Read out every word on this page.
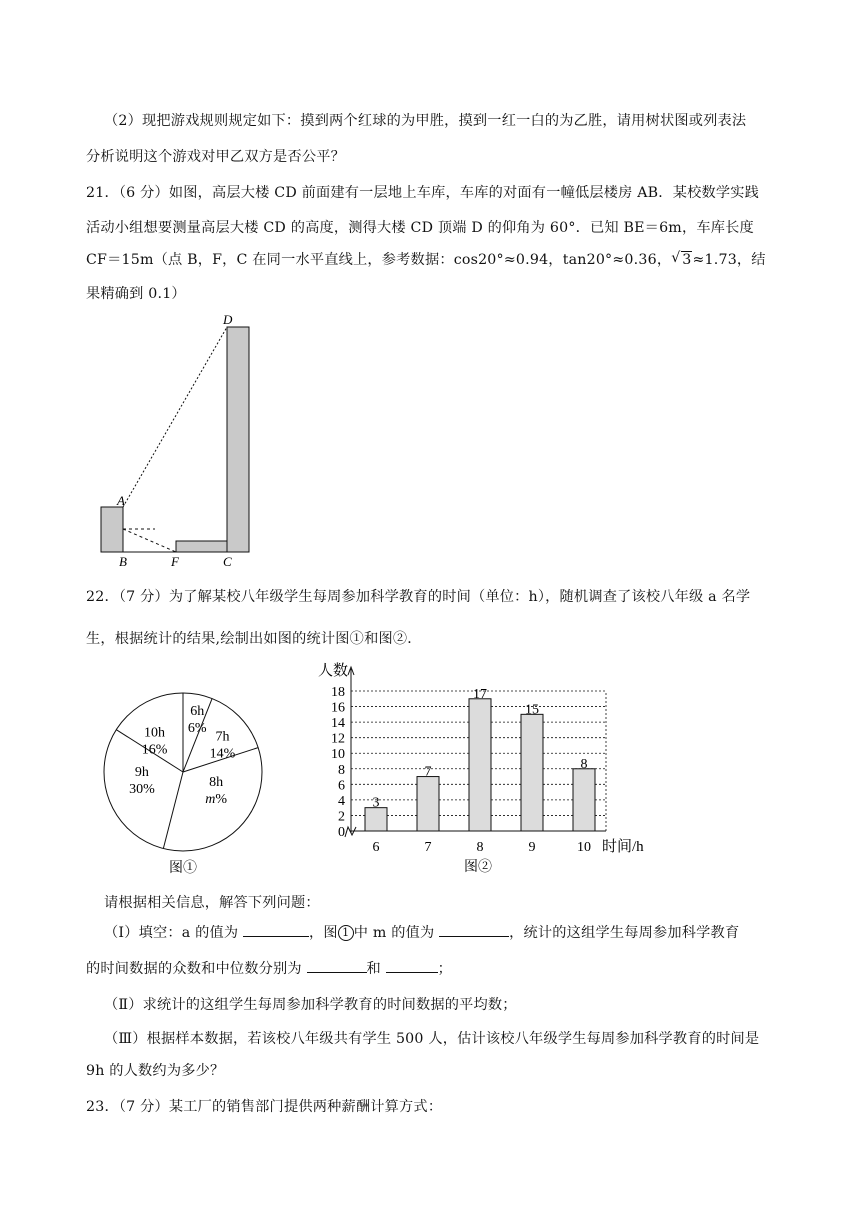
（2）现把游戏规则规定如下：摸到两个红球的为甲胜，摸到一红一白的为乙胜，请用树状图或列表法
分析说明这个游戏对甲乙双方是否公平？
21．（6 分）如图，高层大楼 CD 前面建有一层地上车库，车库的对面有一幢低层楼房 AB．某校数学实践
活动小组想要测量高层大楼 CD 的高度，测得大楼 CD 顶端 D 的仰角为 60°．已知 BE＝6m，车库长度
CF＝15m（点 B，F，C 在同一水平直线上，参考数据：cos20°≈0.94，tan20°≈0.36，√ 3≈1.73，结
果精确到 0.1）
D
A
B	F	C
22．（7 分）为了解某校八年级学生每周参加科学教育的时间（单位：h），随机调查了该校八年级 a 名学
生，根据统计的结果,绘制出如图的统计图①和图②．
6h
6%
7h
14%
8h
m%
9h
30%
10h
16%
图①
人数
0
2
4
6
8
10
12
14
16
18
3
6
7
7
17
8
15
9
8
10 时间/h
图②
请根据相关信息，解答下列问题：
（Ⅰ）填空：a 的值为	，图 1 中 m 的值为	，统计的这组学生每周参加科学教育
的时间数据的众数和中位数分别为	和	；
（Ⅱ）求统计的这组学生每周参加科学教育的时间数据的平均数；
（Ⅲ）根据样本数据，若该校八年级共有学生 500 人，估计该校八年级学生每周参加科学教育的时间是
9h 的人数约为多少？
23．（7 分）某工厂的销售部门提供两种薪酬计算方式：
